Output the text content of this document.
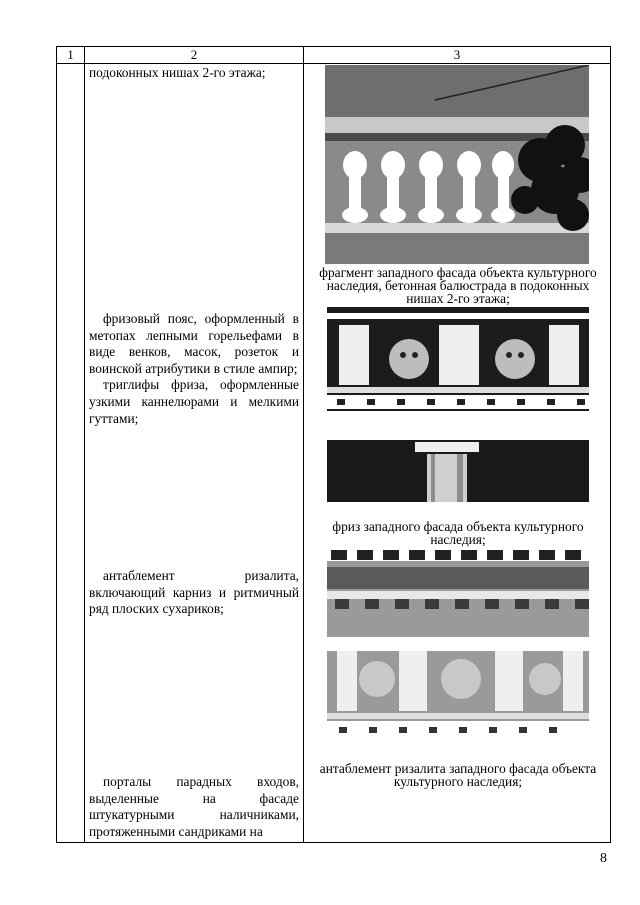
1	2	3
подоконных нишах 2-го этажа;

фризовый пояс, оформленный в метопах лепными горельефами в виде венков, масок, розеток и воинской атрибутики в стиле ампир;

триглифы фриза, оформленные узкими каннелюрами и мелкими гуттами;

антаблемент ризалита, включающий карниз и ритмичный ряд плоских сухариков;

порталы парадных входов, выделенные на фасаде штукатурными наличниками, протяженными сандриками на

фрагмент западного фасада объекта культурного наследия, бетонная балюстрада в подоконных нишах 2-го этажа;
фриз западного фасада объекта культурного наследия;
антаблемент ризалита западного фасада объекта культурного наследия;
8
